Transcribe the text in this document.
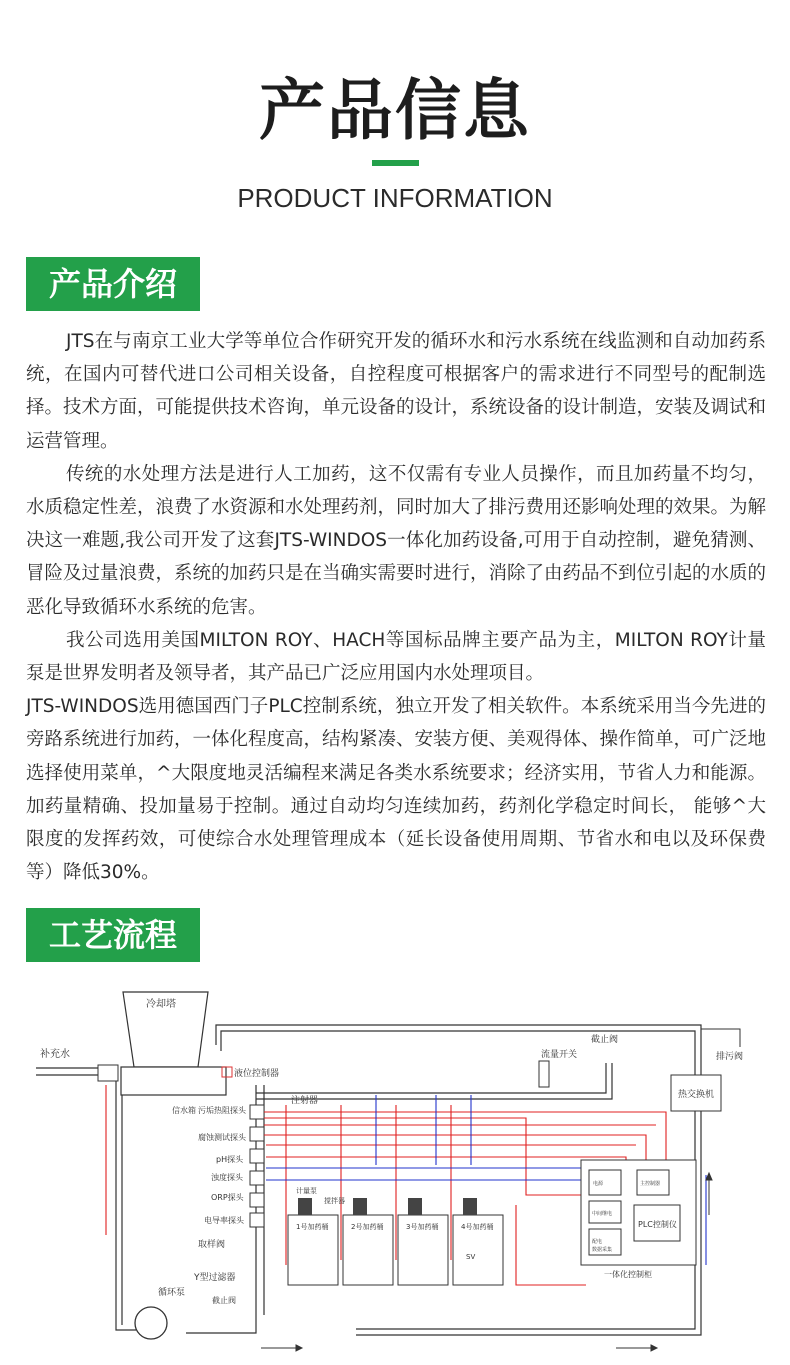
产品信息
PRODUCT INFORMATION
产品介绍

JTS在与南京工业大学等单位合作研究开发的循环水和污水系统在线监测和自动加药系统，在国内可替代进口公司相关设备，自控程度可根据客户的需求进行不同型号的配制选择。技术方面，可能提供技术咨询，单元设备的设计，系统设备的设计制造，安装及调试和运营管理。

传统的水处理方法是进行人工加药，这不仅需有专业人员操作，而且加药量不均匀，水质稳定性差，浪费了水资源和水处理药剂，同时加大了排污费用还影响处理的效果。为解决这一难题,我公司开发了这套JTS-WINDOS一体化加药设备,可用于自动控制，避免猜测、冒险及过量浪费，系统的加药只是在当确实需要时进行，消除了由药品不到位引起的水质的恶化导致循环水系统的危害。

我公司选用美国MILTON ROY、HACH等国标品牌主要产品为主，MILTON ROY计量泵是世界发明者及领导者，其产品已广泛应用国内水处理项目。

JTS-WINDOS选用德国西门子PLC控制系统，独立开发了相关软件。本系统采用当今先进的旁路系统进行加药，一体化程度高，结构紧凑、安装方便、美观得体、操作简单，可广泛地选择使用菜单，^大限度地灵活编程来满足各类水系统要求；经济实用，节省人力和能源。加药量精确、投加量易于控制。通过自动均匀连续加药，药剂化学稳定时间长， 能够^大限度的发挥药效，可使综合水处理管理成本（延长设备使用周期、节省水和电以及环保费等）降低30%。

工艺流程
冷却塔
补充水
液位控制器
流量开关
截止阀
排污阀
热交换机
注射器
信水箱 污垢热阻探头
腐蚀测试探头
pH探头
浊度探头
ORP探头
电导率探头
取样阀
Y型过滤器
截止阀
循环泵
1号加药桶	2号加药桶	3号加药桶	4号加药桶
SV
计量泵
搅拌器
电源	主控制器
中间继电
配电
数据采集
PLC控制仪
一体化控制柜
